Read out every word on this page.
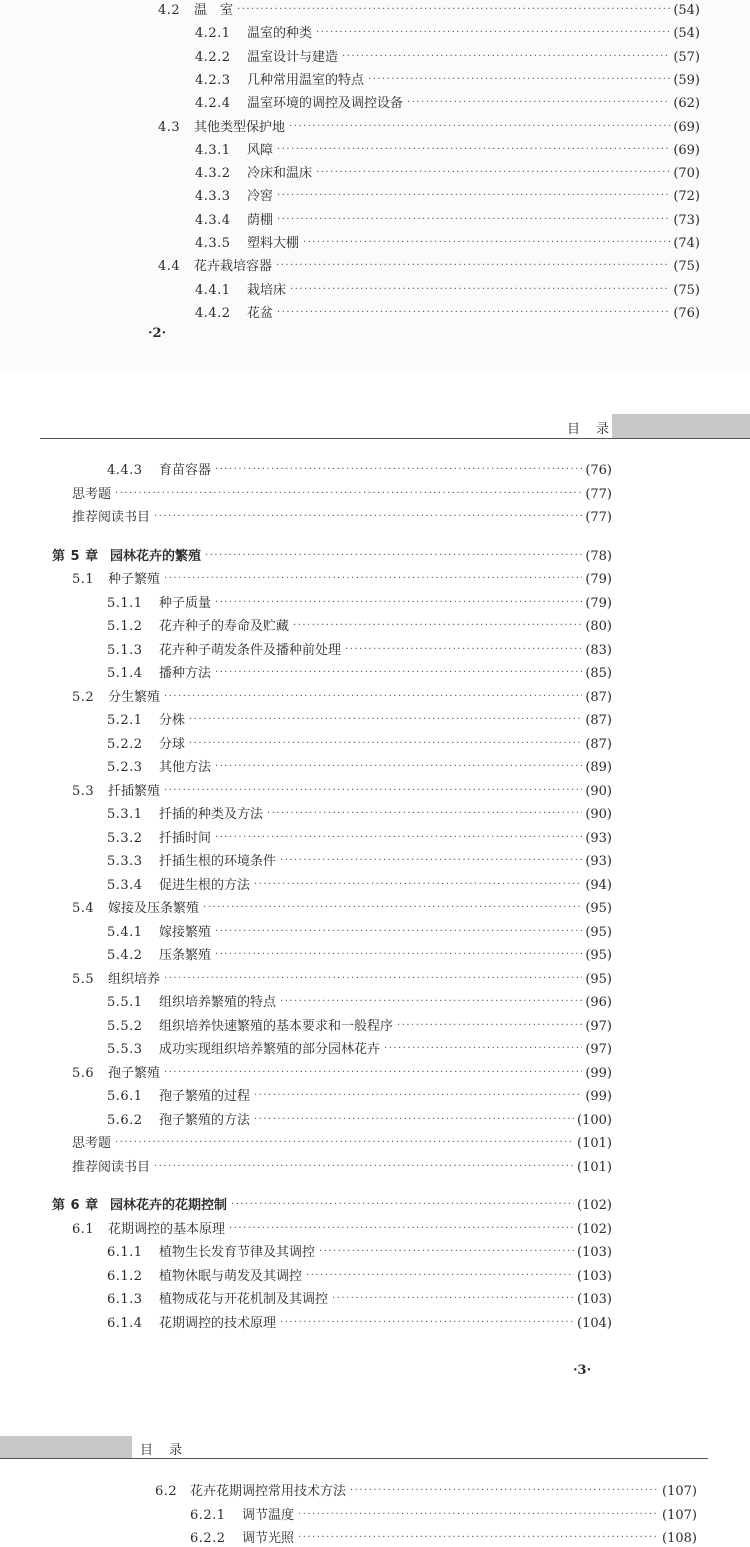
·2·
目 录
·3·
目 录
4.2	温　室 ·····	(54)
4.2.1	温室的种类 ·····	(54)
4.2.2	温室设计与建造 ·····	(57)
4.2.3	几种常用温室的特点 ·····	(59)
4.2.4	温室环境的调控及调控设备 ·····	(62)
4.3	其他类型保护地 ·····	(69)
4.3.1	风障 ·····	(69)
4.3.2	冷床和温床 ·····	(70)
4.3.3	冷窖 ·····	(72)
4.3.4	荫棚 ·····	(73)
4.3.5	塑料大棚 ·····	(74)
4.4	花卉栽培容器 ·····	(75)
4.4.1	栽培床 ·····	(75)
4.4.2	花盆 ·····	(76)
4.4.3	育苗容器 ·····	(76)
思考题 ·····	(77)
推荐阅读书目 ·····	(77)
第 5 章 园林花卉的繁殖 ·····	(78)
5.1	种子繁殖 ·····	(79)
5.1.1	种子质量 ·····	(79)
5.1.2	花卉种子的寿命及贮藏 ·····	(80)
5.1.3	花卉种子萌发条件及播种前处理 ·····	(83)
5.1.4	播种方法 ·····	(85)
5.2	分生繁殖 ·····	(87)
5.2.1	分株 ·····	(87)
5.2.2	分球 ·····	(87)
5.2.3	其他方法 ·····	(89)
5.3	扦插繁殖 ·····	(90)
5.3.1	扦插的种类及方法 ·····	(90)
5.3.2	扦插时间 ·····	(93)
5.3.3	扦插生根的环境条件 ·····	(93)
5.3.4	促进生根的方法 ·····	(94)
5.4	嫁接及压条繁殖 ·····	(95)
5.4.1	嫁接繁殖 ·····	(95)
5.4.2	压条繁殖 ·····	(95)
5.5	组织培养 ·····	(95)
5.5.1	组织培养繁殖的特点 ·····	(96)
5.5.2	组织培养快速繁殖的基本要求和一般程序 ·····	(97)
5.5.3	成功实现组织培养繁殖的部分园林花卉 ·····	(97)
5.6	孢子繁殖 ·····	(99)
5.6.1	孢子繁殖的过程 ·····	(99)
5.6.2	孢子繁殖的方法 ·····	(100)
思考题 ·····	(101)
推荐阅读书目 ·····	(101)
第 6 章 园林花卉的花期控制 ·····	(102)
6.1	花期调控的基本原理 ·····	(102)
6.1.1	植物生长发育节律及其调控 ·····	(103)
6.1.2	植物休眠与萌发及其调控 ·····	(103)
6.1.3	植物成花与开花机制及其调控 ·····	(103)
6.1.4	花期调控的技术原理 ·····	(104)
6.2 花卉花期调控常用技术方法 ·····	(107)
6.2.1	调节温度 ·····	(107)
6.2.2	调节光照 ·····	(108)
